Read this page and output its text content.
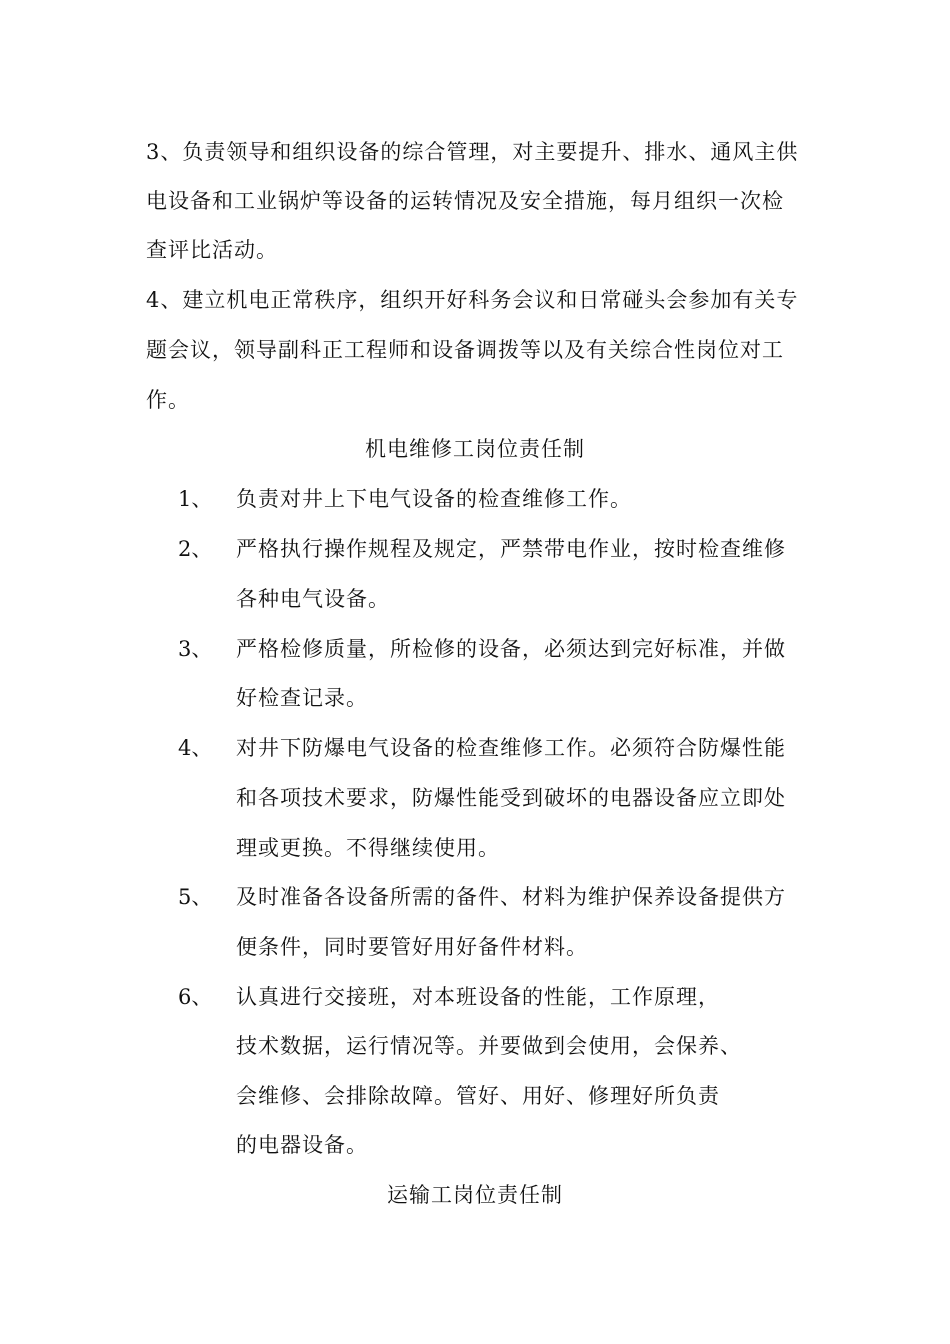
3、负责领导和组织设备的综合管理，对主要提升、排水、通风主供
电设备和工业锅炉等设备的运转情况及安全措施，每月组织一次检
查评比活动。
4、建立机电正常秩序，组织开好科务会议和日常碰头会参加有关专
题会议，领导副科正工程师和设备调拨等以及有关综合性岗位对工
作。
机电维修工岗位责任制
1、 负责对井上下电气设备的检查维修工作。
2、 严格执行操作规程及规定，严禁带电作业，按时检查维修
各种电气设备。
3、 严格检修质量，所检修的设备，必须达到完好标准，并做
好检查记录。
4、 对井下防爆电气设备的检查维修工作。必须符合防爆性能
和各项技术要求，防爆性能受到破坏的电器设备应立即处
理或更换。不得继续使用。
5、 及时准备各设备所需的备件、材料为维护保养设备提供方
便条件，同时要管好用好备件材料。
6、 认真进行交接班，对本班设备的性能，工作原理，
技术数据，运行情况等。并要做到会使用，会保养、
会维修、会排除故障。管好、用好、修理好所负责
的电器设备。
运输工岗位责任制
